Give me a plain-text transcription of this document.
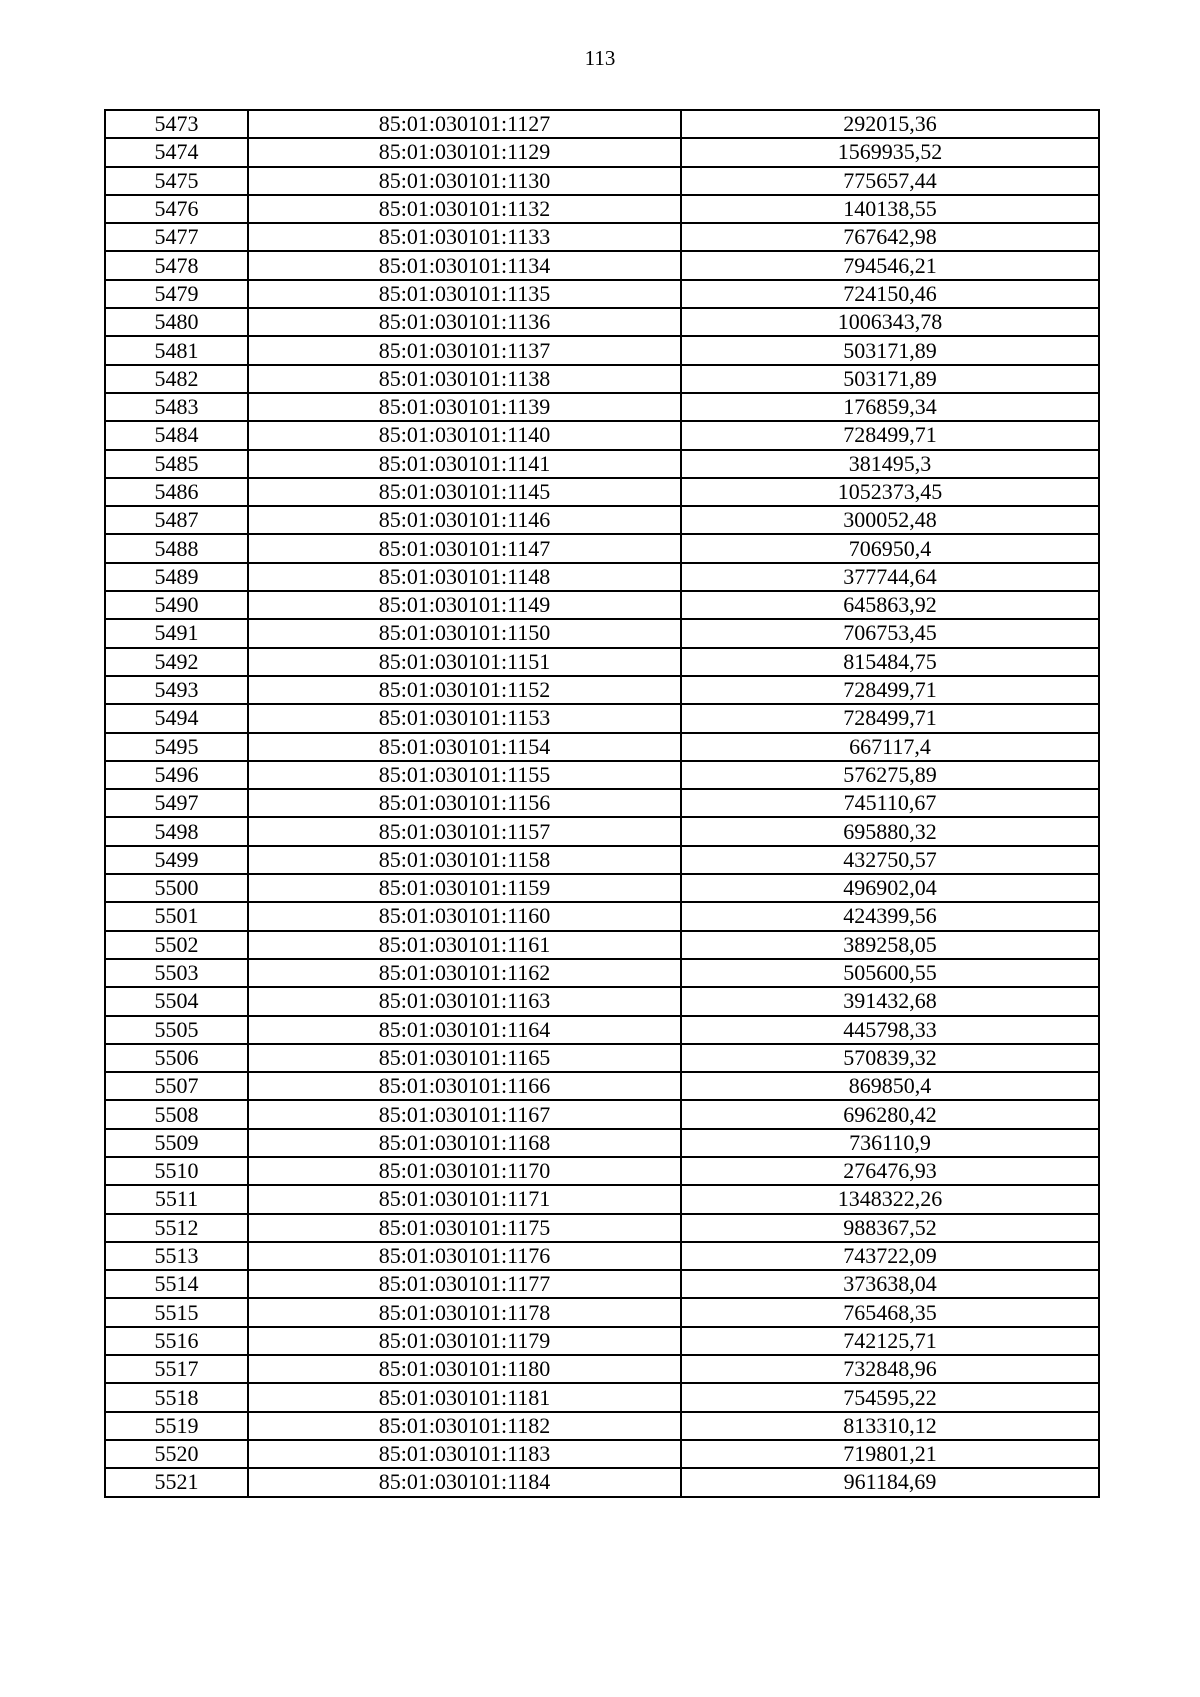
113
5473	85:01:030101:1127	292015,36
5474	85:01:030101:1129	1569935,52
5475	85:01:030101:1130	775657,44
5476	85:01:030101:1132	140138,55
5477	85:01:030101:1133	767642,98
5478	85:01:030101:1134	794546,21
5479	85:01:030101:1135	724150,46
5480	85:01:030101:1136	1006343,78
5481	85:01:030101:1137	503171,89
5482	85:01:030101:1138	503171,89
5483	85:01:030101:1139	176859,34
5484	85:01:030101:1140	728499,71
5485	85:01:030101:1141	381495,3
5486	85:01:030101:1145	1052373,45
5487	85:01:030101:1146	300052,48
5488	85:01:030101:1147	706950,4
5489	85:01:030101:1148	377744,64
5490	85:01:030101:1149	645863,92
5491	85:01:030101:1150	706753,45
5492	85:01:030101:1151	815484,75
5493	85:01:030101:1152	728499,71
5494	85:01:030101:1153	728499,71
5495	85:01:030101:1154	667117,4
5496	85:01:030101:1155	576275,89
5497	85:01:030101:1156	745110,67
5498	85:01:030101:1157	695880,32
5499	85:01:030101:1158	432750,57
5500	85:01:030101:1159	496902,04
5501	85:01:030101:1160	424399,56
5502	85:01:030101:1161	389258,05
5503	85:01:030101:1162	505600,55
5504	85:01:030101:1163	391432,68
5505	85:01:030101:1164	445798,33
5506	85:01:030101:1165	570839,32
5507	85:01:030101:1166	869850,4
5508	85:01:030101:1167	696280,42
5509	85:01:030101:1168	736110,9
5510	85:01:030101:1170	276476,93
5511	85:01:030101:1171	1348322,26
5512	85:01:030101:1175	988367,52
5513	85:01:030101:1176	743722,09
5514	85:01:030101:1177	373638,04
5515	85:01:030101:1178	765468,35
5516	85:01:030101:1179	742125,71
5517	85:01:030101:1180	732848,96
5518	85:01:030101:1181	754595,22
5519	85:01:030101:1182	813310,12
5520	85:01:030101:1183	719801,21
5521	85:01:030101:1184	961184,69
